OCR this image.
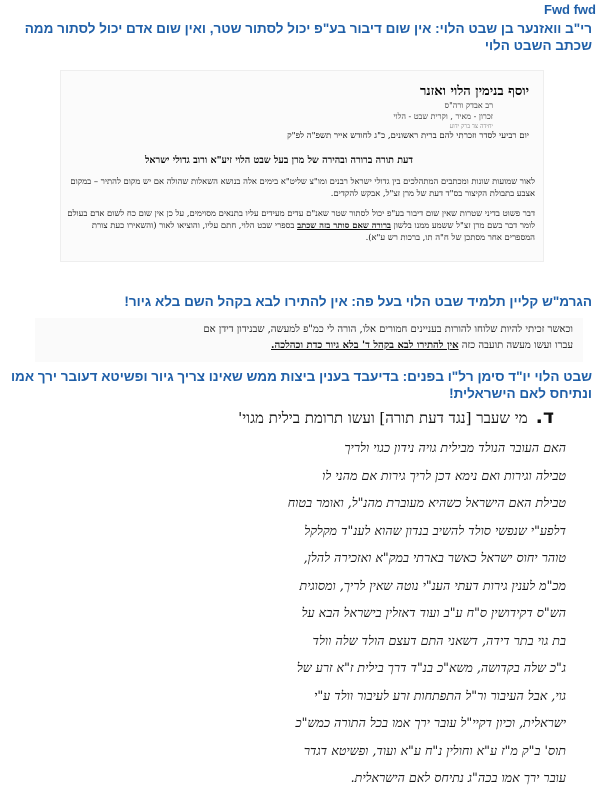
Fwd fwd
רי"ב וואזנער בן שבט הלוי: אין שום דיבור בע"פ יכול לסתור שטר, ואין שום אדם יכול לסתור ממה שכתב השבט הלוי
יוסף בנימין הלוי ואזנר
רב אבדק ורה"ס
זכרון - מאיר , וקרית שבט - הלוי
יחידה צד ברק ידוע
יום רביעי לסדר וזכרתי להם ברית ראשונים, כ"ג לחודש אייר תשפ"ה לפ"ק
דעת תורה ברורה ובהירה של מרן בעל שבט הלוי זיע"א ורוב גדולי ישראל

לאור שמועות שונות ומכתבים המתהלכים בין גדולי ישראל רבנים ומו"צ שליט"א בימים אלה בנושא השאלות שהולה אם יש מקום להתיר – במקום אצבע בתבולת הקיצור בס"ד דעת של מרן זצ"ל, אבקש להקדים.

דבר פשוט בדיני שטרות שאין שום דיבור בע"פ יכול לסתור שטר שאנ"ם עדים מעידים עליו בתנאים מסוימים, על כן אין שום כח לשום אדם בעולם לומר דבר בשם מרן זצ"ל ששמע ממנו בלשון ברורה שאם סותר בזה שכתב בספרי שבט הלוי, חתם עליו, והוציאו לאור (והשאירו כעת צורת המספרים אחר מסתכן של ח"ה תו, ברכות רש ע"א).

הגרמ"ש קליין תלמיד שבט הלוי בעל פה: אין להתירו לבא בקהל השם בלא גיור!
וכאשר זכיתי להיות שלוחו להורות בעניינים חמורים אלו, הורה לי כמ"פ למעשה, שבנידון דידן אם
עברו ועשו מעשה תועבה כזה אין להתירו לבא בקהל ד' בלא גיור כדת וכהלכה.
שבט הלוי יו"ד סימן רל"ו בפנים: בדיעבד בענין ביצות ממש שאינו צריך גיור ופשיטא דעובר ירך אמו ונתיחס לאם הישראלית!
ד.מי שעבר [נגד דעת תורה] ועשו תרומת בילית מגוי'
האם העובר הנולד מבילית גויה נידון כגוי ולריך
טבילה וגירות ואם נימא דכן לריך גירות אם מהני לו
טבילת האם הישראל כשהיא מעוברת מהנ"ל, ואומר בטוח
דלפע"י שנפשי סולד להשיב בנדון שהוא לענ"ד מקלקל
טוהר יחוס ישראל כאשר בארתי במק"א ואזכירה להלן,
מכ"מ לענין גירות דעתי הענ"י נוטה שאין לריך, ומסוגית
הש"ס דקידושין ס"ח ע"ב ועוד דאזלין בישראל הבא על
בת גוי בתר דידה, דשאני התם דעצם הולד שלה וולד
ג"כ שלה בקדושה, משא"כ בנ"ד דרך בילית ז"א זרע של
גוי, אבל העיבור ור"ל התפתחות זרע לעיבור וולד ע"י
ישראלית, וכיון דקיי"ל עובר ירך אמו בכל התורה כמש"כ
תוס' ב"ק מ"ז ע"א וחולין נ"ח ע"א ועוד, ופשיטא דגדר
עובר ירך אמו בכה"ג נתיחס לאם הישראלית.
